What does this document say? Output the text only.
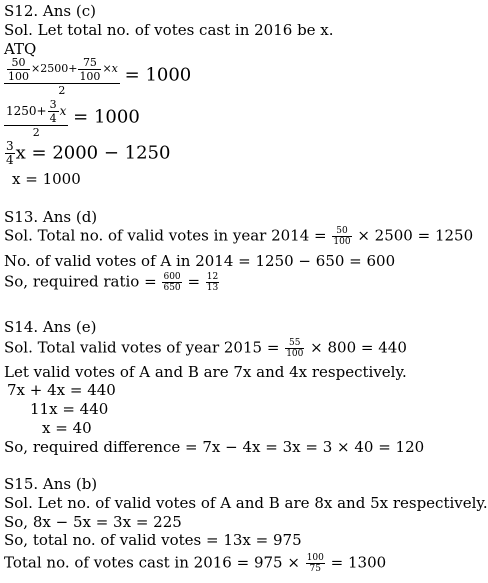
S12. Ans (c)
Sol. Let total no. of votes cast in 2016 be x.
ATQ
$\frac{50}{100} \times 2500+ \frac{75}{100} \times x$
2
= 1000
$\frac{1250+ \frac{3}{4} x}{2} = 1000$
$\frac{3}{4}$ x = 2000 − 1250
x = 1000
S13. Ans (d)
Sol. Total no. of valid votes in year $2014 = \frac{50}{100} \times 2500 = 1250$
No. of valid votes of A in 2014 = 1250 − 650 = 600
So, required ratio = $\frac{600}{650} = \frac{12}{13}$
S14. Ans (e)
Sol. Total valid votes of year $2015 = \frac{55}{100} \times 800 = 440$
Let valid votes of A and B are 7x and 4x respectively.
7x + 4x = 440
11x = 440
x = 40
So, required difference = 7x − 4x = 3x = 3 × 40 = 120
S15. Ans (b)
Sol. Let no. of valid votes of A and B are 8x and 5x respectively.
So, 8x − 5x = 3x = 225
So, total no. of valid votes = 13x = 975
Total no. of votes cast in $2016 = 975 \times \frac{100}{75} = 1300$
